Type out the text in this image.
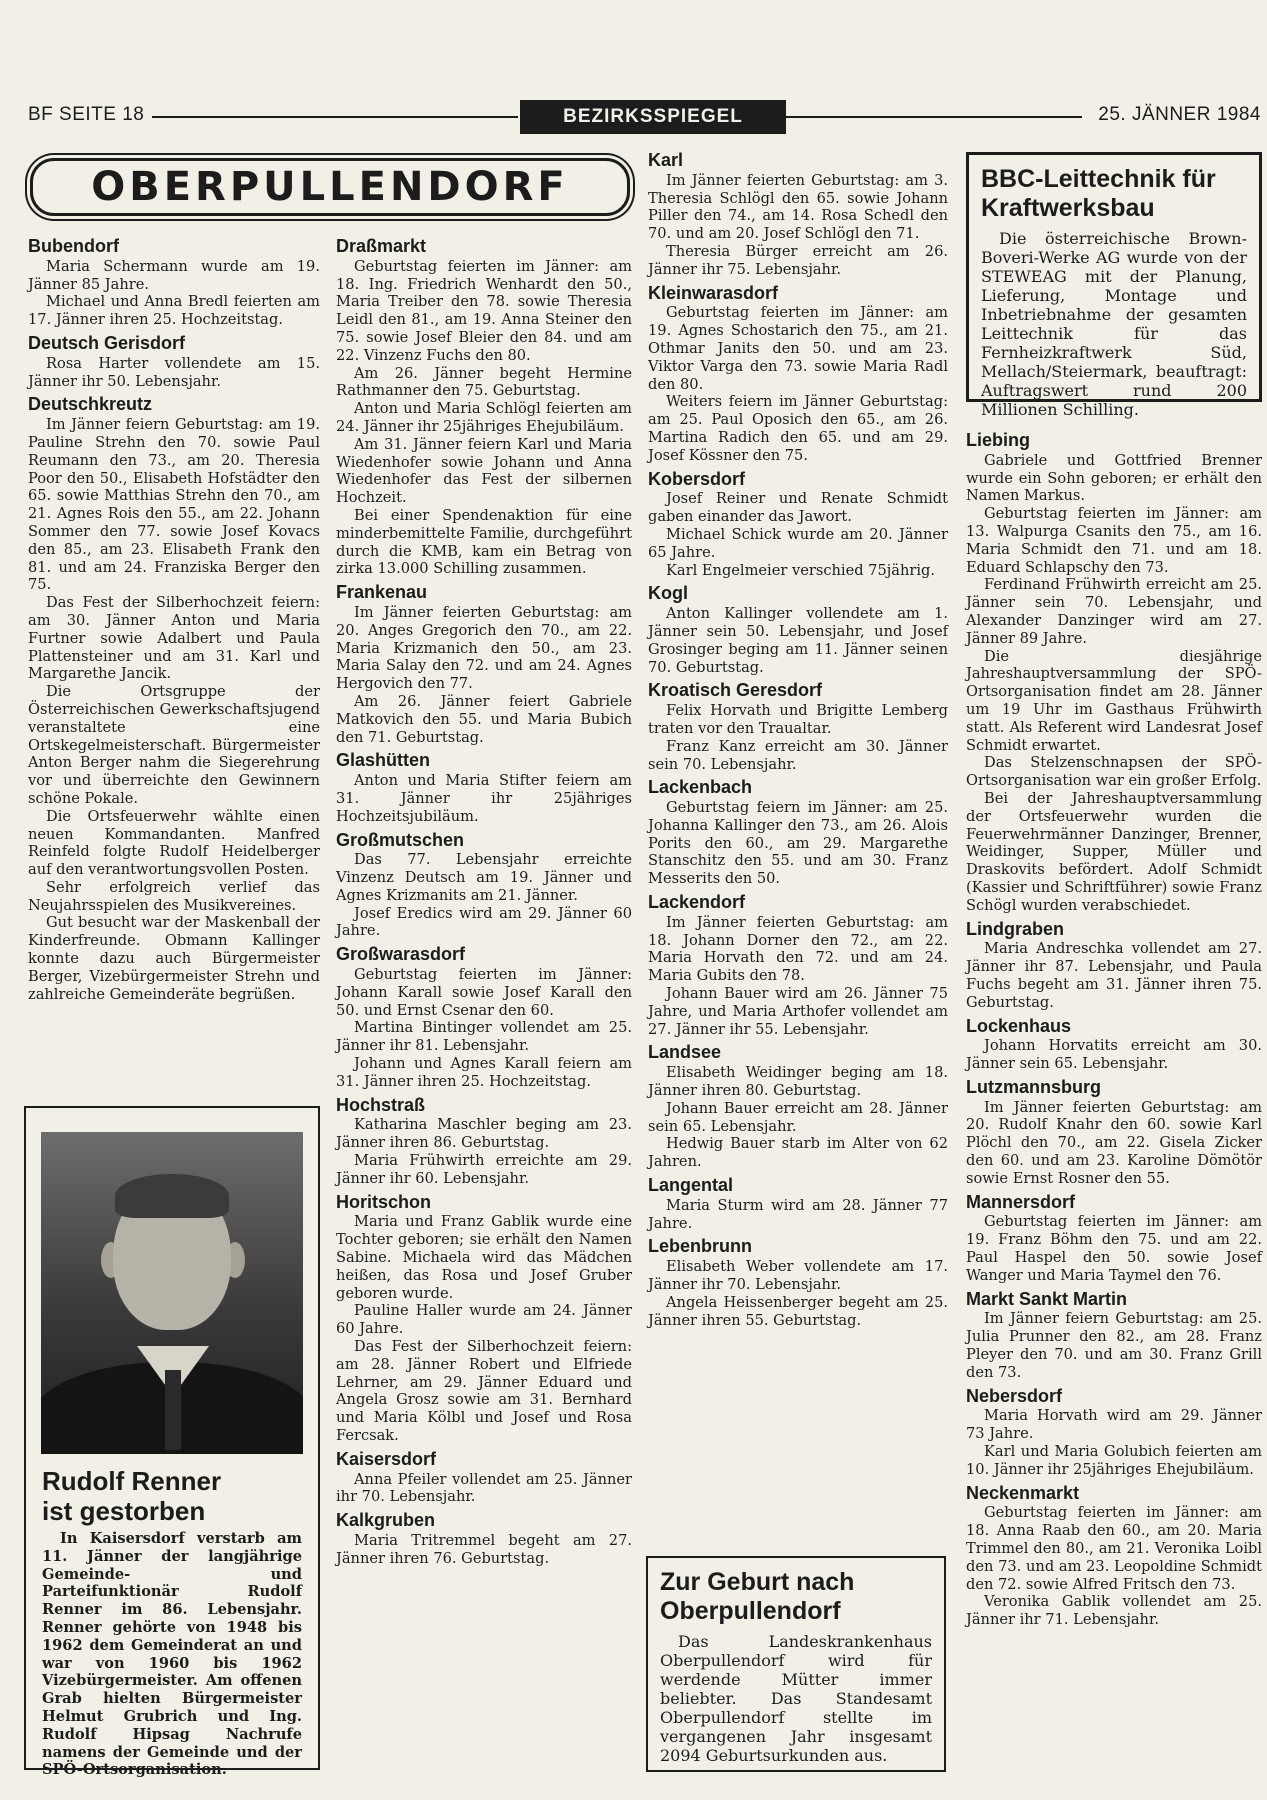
BF SEITE 18	BEZIRKSSPIEGEL	25. JÄNNER 1984
OBERPULLENDORF
Bubendorf

Maria Schermann wurde am 19. Jänner 85 Jahre.

Michael und Anna Bredl feierten am 17. Jänner ihren 25. Hochzeitstag.

Deutsch Gerisdorf

Rosa Harter vollendete am 15. Jänner ihr 50. Lebensjahr.

Deutschkreutz

Im Jänner feiern Geburtstag: am 19. Pauline Strehn den 70. sowie Paul Reumann den 73., am 20. Theresia Poor den 50., Elisabeth Hofstädter den 65. sowie Matthias Strehn den 70., am 21. Agnes Rois den 55., am 22. Johann Sommer den 77. sowie Josef Kovacs den 85., am 23. Elisabeth Frank den 81. und am 24. Franziska Berger den 75.

Das Fest der Silberhochzeit feiern: am 30. Jänner Anton und Maria Furtner sowie Adalbert und Paula Plattensteiner und am 31. Karl und Margarethe Jancik.

Die Ortsgruppe der Österreichischen Gewerkschaftsjugend veranstaltete eine Ortskegelmeisterschaft. Bürgermeister Anton Berger nahm die Siegerehrung vor und überreichte den Gewinnern schöne Pokale.

Die Ortsfeuerwehr wählte einen neuen Kommandanten. Manfred Reinfeld folgte Rudolf Heidelberger auf den verantwortungsvollen Posten.

Sehr erfolgreich verlief das Neujahrsspielen des Musikvereines.

Gut besucht war der Maskenball der Kinderfreunde. Obmann Kallinger konnte dazu auch Bürgermeister Berger, Vizebürgermeister Strehn und zahlreiche Gemeinderäte begrüßen.

Rudolf Renner
ist gestorben

In Kaisersdorf verstarb am 11. Jänner der langjährige Gemeinde- und Parteifunktionär Rudolf Renner im 86. Lebensjahr. Renner gehörte von 1948 bis 1962 dem Gemeinderat an und war von 1960 bis 1962 Vizebürgermeister. Am offenen Grab hielten Bürgermeister Helmut Grubrich und Ing. Rudolf Hipsag Nachrufe namens der Gemeinde und der SPÖ-Ortsorganisation.

Draßmarkt

Geburtstag feierten im Jänner: am 18. Ing. Friedrich Wenhardt den 50., Maria Treiber den 78. sowie Theresia Leidl den 81., am 19. Anna Steiner den 75. sowie Josef Bleier den 84. und am 22. Vinzenz Fuchs den 80.

Am 26. Jänner begeht Hermine Rathmanner den 75. Geburtstag.

Anton und Maria Schlögl feierten am 24. Jänner ihr 25jähriges Ehejubiläum.

Am 31. Jänner feiern Karl und Maria Wiedenhofer sowie Johann und Anna Wiedenhofer das Fest der silbernen Hochzeit.

Bei einer Spendenaktion für eine minderbemittelte Familie, durchgeführt durch die KMB, kam ein Betrag von zirka 13.000 Schilling zusammen.

Frankenau

Im Jänner feierten Geburtstag: am 20. Anges Gregorich den 70., am 22. Maria Krizmanich den 50., am 23. Maria Salay den 72. und am 24. Agnes Hergovich den 77.

Am 26. Jänner feiert Gabriele Matkovich den 55. und Maria Bubich den 71. Geburtstag.

Glashütten

Anton und Maria Stifter feiern am 31. Jänner ihr 25jähriges Hochzeitsjubiläum.

Großmutschen

Das 77. Lebensjahr erreichte Vinzenz Deutsch am 19. Jänner und Agnes Krizmanits am 21. Jänner.

Josef Eredics wird am 29. Jänner 60 Jahre.

Großwarasdorf

Geburtstag feierten im Jänner: Johann Karall sowie Josef Karall den 50. und Ernst Csenar den 60.

Martina Bintinger vollendet am 25. Jänner ihr 81. Lebensjahr.

Johann und Agnes Karall feiern am 31. Jänner ihren 25. Hochzeitstag.

Hochstraß

Katharina Maschler beging am 23. Jänner ihren 86. Geburtstag.

Maria Frühwirth erreichte am 29. Jänner ihr 60. Lebensjahr.

Horitschon

Maria und Franz Gablik wurde eine Tochter geboren; sie erhält den Namen Sabine. Michaela wird das Mädchen heißen, das Rosa und Josef Gruber geboren wurde.

Pauline Haller wurde am 24. Jänner 60 Jahre.

Das Fest der Silberhochzeit feiern: am 28. Jänner Robert und Elfriede Lehrner, am 29. Jänner Eduard und Angela Grosz sowie am 31. Bernhard und Maria Kölbl und Josef und Rosa Fercsak.

Kaisersdorf

Anna Pfeiler vollendet am 25. Jänner ihr 70. Lebensjahr.

Kalkgruben

Maria Tritremmel begeht am 27. Jänner ihren 76. Geburtstag.

Karl

Im Jänner feierten Geburtstag: am 3. Theresia Schlögl den 65. sowie Johann Piller den 74., am 14. Rosa Schedl den 70. und am 20. Josef Schlögl den 71.

Theresia Bürger erreicht am 26. Jänner ihr 75. Lebensjahr.

Kleinwarasdorf

Geburtstag feierten im Jänner: am 19. Agnes Schostarich den 75., am 21. Othmar Janits den 50. und am 23. Viktor Varga den 73. sowie Maria Radl den 80.

Weiters feiern im Jänner Geburtstag: am 25. Paul Oposich den 65., am 26. Martina Radich den 65. und am 29. Josef Kössner den 75.

Kobersdorf

Josef Reiner und Renate Schmidt gaben einander das Jawort.

Michael Schick wurde am 20. Jänner 65 Jahre.

Karl Engelmeier verschied 75jährig.

Kogl

Anton Kallinger vollendete am 1. Jänner sein 50. Lebensjahr, und Josef Grosinger beging am 11. Jänner seinen 70. Geburtstag.

Kroatisch Geresdorf

Felix Horvath und Brigitte Lemberg traten vor den Traualtar.

Franz Kanz erreicht am 30. Jänner sein 70. Lebensjahr.

Lackenbach

Geburtstag feiern im Jänner: am 25. Johanna Kallinger den 73., am 26. Alois Porits den 60., am 29. Margarethe Stanschitz den 55. und am 30. Franz Messerits den 50.

Lackendorf

Im Jänner feierten Geburtstag: am 18. Johann Dorner den 72., am 22. Maria Horvath den 72. und am 24. Maria Gubits den 78.

Johann Bauer wird am 26. Jänner 75 Jahre, und Maria Arthofer vollendet am 27. Jänner ihr 55. Lebensjahr.

Landsee

Elisabeth Weidinger beging am 18. Jänner ihren 80. Geburtstag.

Johann Bauer erreicht am 28. Jänner sein 65. Lebensjahr.

Hedwig Bauer starb im Alter von 62 Jahren.

Langental

Maria Sturm wird am 28. Jänner 77 Jahre.

Lebenbrunn

Elisabeth Weber vollendete am 17. Jänner ihr 70. Lebensjahr.

Angela Heissenberger begeht am 25. Jänner ihren 55. Geburtstag.

Zur Geburt nach Oberpullendorf

Das Landeskrankenhaus Oberpullendorf wird für werdende Mütter immer beliebter. Das Standesamt Oberpullendorf stellte im vergangenen Jahr insgesamt 2094 Geburtsurkunden aus.

BBC-Leittechnik für Kraftwerksbau

Die österreichische Brown-Boveri-Werke AG wurde von der STEWEAG mit der Planung, Lieferung, Montage und Inbetriebnahme der gesamten Leittechnik für das Fernheizkraftwerk Süd, Mellach/Steiermark, beauftragt: Auftragswert rund 200 Millionen Schilling.

Liebing

Gabriele und Gottfried Brenner wurde ein Sohn geboren; er erhält den Namen Markus.

Geburtstag feierten im Jänner: am 13. Walpurga Csanits den 75., am 16. Maria Schmidt den 71. und am 18. Eduard Schlapschy den 73.

Ferdinand Frühwirth erreicht am 25. Jänner sein 70. Lebensjahr, und Alexander Danzinger wird am 27. Jänner 89 Jahre.

Die diesjährige Jahreshauptversammlung der SPÖ-Ortsorganisation findet am 28. Jänner um 19 Uhr im Gasthaus Frühwirth statt. Als Referent wird Landesrat Josef Schmidt erwartet.

Das Stelzenschnapsen der SPÖ-Ortsorganisation war ein großer Erfolg.

Bei der Jahreshauptversammlung der Ortsfeuerwehr wurden die Feuerwehrmänner Danzinger, Brenner, Weidinger, Supper, Müller und Draskovits befördert. Adolf Schmidt (Kassier und Schriftführer) sowie Franz Schögl wurden verabschiedet.

Lindgraben

Maria Andreschka vollendet am 27. Jänner ihr 87. Lebensjahr, und Paula Fuchs begeht am 31. Jänner ihren 75. Geburtstag.

Lockenhaus

Johann Horvatits erreicht am 30. Jänner sein 65. Lebensjahr.

Lutzmannsburg

Im Jänner feierten Geburtstag: am 20. Rudolf Knahr den 60. sowie Karl Plöchl den 70., am 22. Gisela Zicker den 60. und am 23. Karoline Dömötör sowie Ernst Rosner den 55.

Mannersdorf

Geburtstag feierten im Jänner: am 19. Franz Böhm den 75. und am 22. Paul Haspel den 50. sowie Josef Wanger und Maria Taymel den 76.

Markt Sankt Martin

Im Jänner feiern Geburtstag: am 25. Julia Prunner den 82., am 28. Franz Pleyer den 70. und am 30. Franz Grill den 73.

Nebersdorf

Maria Horvath wird am 29. Jänner 73 Jahre.

Karl und Maria Golubich feierten am 10. Jänner ihr 25jähriges Ehejubiläum.

Neckenmarkt

Geburtstag feierten im Jänner: am 18. Anna Raab den 60., am 20. Maria Trimmel den 80., am 21. Veronika Loibl den 73. und am 23. Leopoldine Schmidt den 72. sowie Alfred Fritsch den 73.

Veronika Gablik vollendet am 25. Jänner ihr 71. Lebensjahr.
